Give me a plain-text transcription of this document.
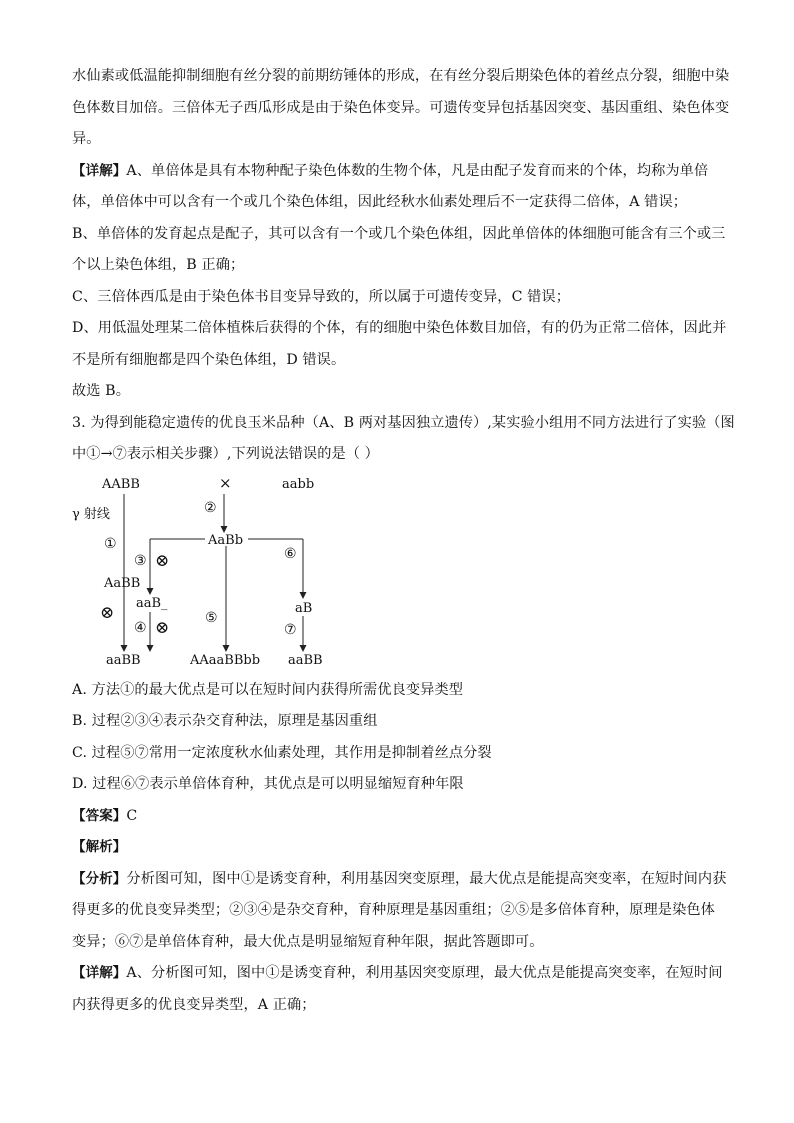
水仙素或低温能抑制细胞有丝分裂的前期纺锤体的形成，在有丝分裂后期染色体的着丝点分裂，细胞中染
色体数目加倍。三倍体无子西瓜形成是由于染色体变异。可遗传变异包括基因突变、基因重组、染色体变
异。
【详解】A、单倍体是具有本物种配子染色体数的生物个体，凡是由配子发育而来的个体，均称为单倍
体，单倍体中可以含有一个或几个染色体组，因此经秋水仙素处理后不一定获得二倍体，A 错误；
B、单倍体的发育起点是配子，其可以含有一个或几个染色体组，因此单倍体的体细胞可能含有三个或三
个以上染色体组，B 正确；
C、三倍体西瓜是由于染色体书目变异导致的，所以属于可遗传变异，C 错误；
D、用低温处理某二倍体植株后获得的个体，有的细胞中染色体数目加倍，有的仍为正常二倍体，因此并
不是所有细胞都是四个染色体组，D 错误。
故选 B。
3. 为得到能稳定遗传的优良玉米品种（A、B 两对基因独立遗传）,某实验小组用不同方法进行了实验（图
中①→⑦表示相关步骤）,下列说法错误的是（ ）
AABB	×	aabb
γ 射线	②
AaBb
①
③ ⊗
AaBB
⊗ aaB_
④ ⊗	⑤
⑥
aB
⑦
aaBB	AAaaBBbb aaBB
A. 方法①的最大优点是可以在短时间内获得所需优良变异类型
B. 过程②③④表示杂交育种法，原理是基因重组
C. 过程⑤⑦常用一定浓度秋水仙素处理，其作用是抑制着丝点分裂
D. 过程⑥⑦表示单倍体育种，其优点是可以明显缩短育种年限
【答案】C
【解析】
【分析】分析图可知，图中①是诱变育种，利用基因突变原理，最大优点是能提高突变率，在短时间内获
得更多的优良变异类型；②③④是杂交育种，育种原理是基因重组；②⑤是多倍体育种，原理是染色体
变异；⑥⑦是单倍体育种，最大优点是明显缩短育种年限，据此答题即可。
【详解】A、分析图可知，图中①是诱变育种，利用基因突变原理，最大优点是能提高突变率，在短时间
内获得更多的优良变异类型，A 正确；
